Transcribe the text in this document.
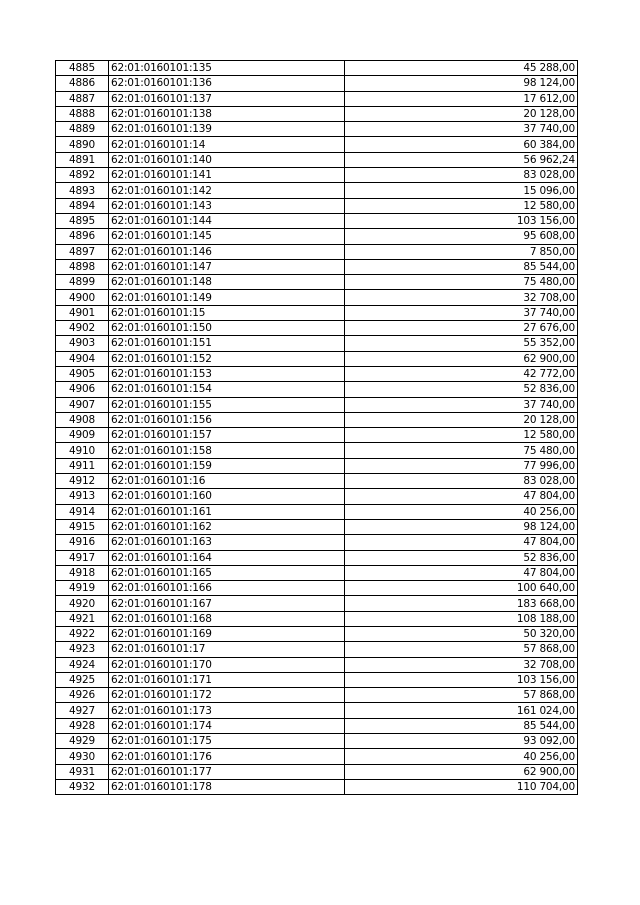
4885	62:01:0160101:135	45 288,00
4886	62:01:0160101:136	98 124,00
4887	62:01:0160101:137	17 612,00
4888	62:01:0160101:138	20 128,00
4889	62:01:0160101:139	37 740,00
4890	62:01:0160101:14	60 384,00
4891	62:01:0160101:140	56 962,24
4892	62:01:0160101:141	83 028,00
4893	62:01:0160101:142	15 096,00
4894	62:01:0160101:143	12 580,00
4895	62:01:0160101:144	103 156,00
4896	62:01:0160101:145	95 608,00
4897	62:01:0160101:146	7 850,00
4898	62:01:0160101:147	85 544,00
4899	62:01:0160101:148	75 480,00
4900	62:01:0160101:149	32 708,00
4901	62:01:0160101:15	37 740,00
4902	62:01:0160101:150	27 676,00
4903	62:01:0160101:151	55 352,00
4904	62:01:0160101:152	62 900,00
4905	62:01:0160101:153	42 772,00
4906	62:01:0160101:154	52 836,00
4907	62:01:0160101:155	37 740,00
4908	62:01:0160101:156	20 128,00
4909	62:01:0160101:157	12 580,00
4910	62:01:0160101:158	75 480,00
4911	62:01:0160101:159	77 996,00
4912	62:01:0160101:16	83 028,00
4913	62:01:0160101:160	47 804,00
4914	62:01:0160101:161	40 256,00
4915	62:01:0160101:162	98 124,00
4916	62:01:0160101:163	47 804,00
4917	62:01:0160101:164	52 836,00
4918	62:01:0160101:165	47 804,00
4919	62:01:0160101:166	100 640,00
4920	62:01:0160101:167	183 668,00
4921	62:01:0160101:168	108 188,00
4922	62:01:0160101:169	50 320,00
4923	62:01:0160101:17	57 868,00
4924	62:01:0160101:170	32 708,00
4925	62:01:0160101:171	103 156,00
4926	62:01:0160101:172	57 868,00
4927	62:01:0160101:173	161 024,00
4928	62:01:0160101:174	85 544,00
4929	62:01:0160101:175	93 092,00
4930	62:01:0160101:176	40 256,00
4931	62:01:0160101:177	62 900,00
4932	62:01:0160101:178	110 704,00
